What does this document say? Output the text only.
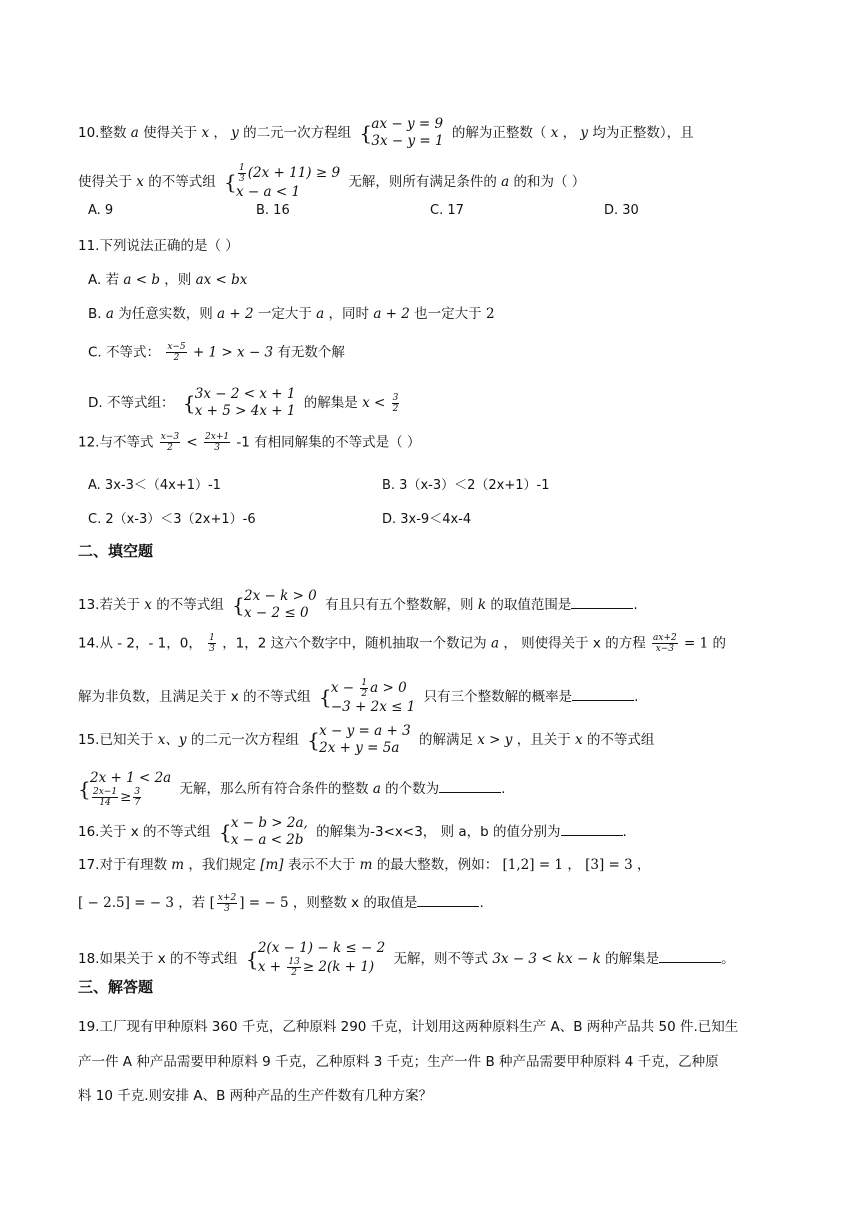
10.整数 a 使得关于 x ， y 的二元一次方程组 { ax − y = 9
3x − y = 1 的解为正整数（ x ， y 均为正整数），且
使得关于 x 的不等式组 { $\frac{1}{3} (2x + 11) \ge 9$
x − a < 1
无解，则所有满足条件的 a 的和为（ ）
A. 9	B. 16	C. 17	D. 30
11.下列说法正确的是（ ）
A. 若 a < b ，则 ax < bx
B. a 为任意实数，则 a + 2 一定大于 a ，同时 a + 2 也一定大于 2
C. 不等式： $\frac{x-5}{2} + 1 > x - 3$ 有无数个解
D. 不等式组： { 3x − 2 < x + 1
x + 5 > 4x + 1 的解集是 $x < \frac{3}{2}$
12.与不等式 $\frac{x-3}{2} < \frac{2x+1}{3} -1$ 有相同解集的不等式是（ ）
A. 3x-3＜（4x+1）-1	B. 3（x-3）＜2（2x+1）-1
C. 2（x-3）＜3（2x+1）-6	D. 3x-9＜4x-4
二、填空题
13.若关于 x 的不等式组 { 2x − k > 0
x − 2 ≤ 0	有且只有五个整数解，则 k 的取值范围是	.
14.从 - 2，- 1，0， $\frac{1}{3}$ ，1，2 这六个数字中，随机抽取一个数记为 a ， 则使得关于 x 的方程 $\frac{ax+2}{x-3} = 1$ 的
解为非负数，且满足关于 x 的不等式组 { $x - \frac{1}{2}$ a > 0
−3 + 2x ≤ 1
只有三个整数解的概率是	.
15.已知关于 x、y 的二元一次方程组 { x − y = a + 3
2x + y = 5a	的解满足 x > y ，且关于 x 的不等式组
{ 2x + 1 < 2a
$\frac{2x-1}{14} \ge \frac{3}{7}$	无解，那么所有符合条件的整数 a 的个数为	.
16.关于 x 的不等式组 { x − b > 2a,
x − a < 2b 的解集为-3<x<3， 则 a，b 的值分别为	.
17.对于有理数 m ，我们规定 [m] 表示不大于 m 的最大整数，例如： [1,2] = 1 ， [3] = 3 ，
[ − 2.5] = − 3 ，若 [ $\frac{x+2}{3}$ ] = − 5 ，则整数 x 的取值是	.
18.如果关于 x 的不等式组 { 2(x − 1) − k ≤ − 2
$x + \frac{13}{2} \ge 2(k + 1)$	无解，则不等式 3x − 3 < kx − k 的解集是	。
三、解答题
19.工厂现有甲种原料 360 千克，乙种原料 290 千克，计划用这两种原料生产 A、B 两种产品共 50 件.已知生
产一件 A 种产品需要甲种原料 9 千克，乙种原料 3 千克；生产一件 B 种产品需要甲种原料 4 千克，乙种原
料 10 千克.则安排 A、B 两种产品的生产件数有几种方案？
